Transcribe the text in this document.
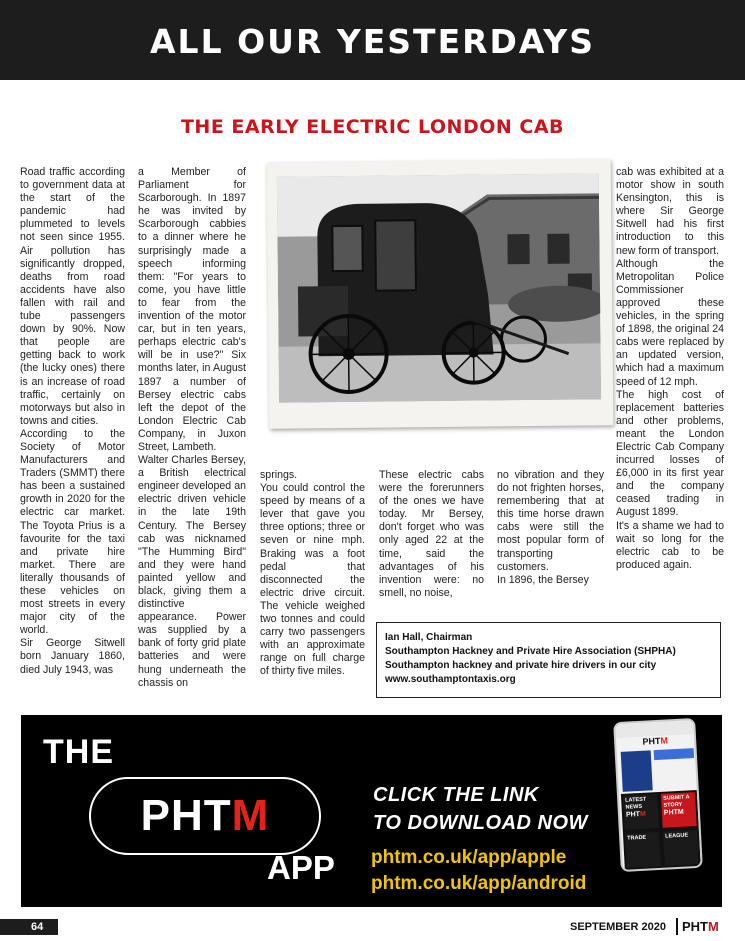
ALL OUR YESTERDAYS
THE EARLY ELECTRIC LONDON CAB

Road traffic according to government data at the start of the pandemic had plummeted to levels not seen since 1955. Air pollution has significantly dropped, deaths from road accidents have also fallen with rail and tube passengers down by 90%. Now that people are getting back to work (the lucky ones) there is an increase of road traffic, certainly on motorways but also in towns and cities.

According to the Society of Motor Manufacturers and Traders (SMMT) there has been a sustained growth in 2020 for the electric car market. The Toyota Prius is a favourite for the taxi and private hire market. There are literally thousands of these vehicles on most streets in every major city of the world.

Sir George Sitwell born January 1860, died July 1943, was

a Member of Parliament for Scarborough. In 1897 he was invited by Scarborough cabbies to a dinner where he surprisingly made a speech informing them: "For years to come, you have little to fear from the invention of the motor car, but in ten years, perhaps electric cab's will be in use?" Six months later, in August 1897 a number of Bersey electric cabs left the depot of the London Electric Cab Company, in Juxon Street, Lambeth.

Walter Charles Bersey, a British electrical engineer developed an electric driven vehicle in the late 19th Century. The Bersey cab was nicknamed "The Humming Bird" and they were hand painted yellow and black, giving them a distinctive appearance. Power was supplied by a bank of forty grid plate batteries and were hung underneath the chassis on

springs.

You could control the speed by means of a lever that gave you three options; three or seven or nine mph. Braking was a foot pedal that disconnected the electric drive circuit. The vehicle weighed two tonnes and could carry two passengers with an approximate range on full charge of thirty five miles.

These electric cabs were the forerunners of the ones we have today. Mr Bersey, don't forget who was only aged 22 at the time, said the advantages of his invention were: no smell, no noise,

no vibration and they do not frighten horses, remembering that at this time horse drawn cabs were still the most popular form of transporting customers.

In 1896, the Bersey

cab was exhibited at a motor show in south Kensington, this is where Sir George Sitwell had his first introduction to this new form of transport.

Although the Metropolitan Police Commissioner approved these vehicles, in the spring of 1898, the original 24 cabs were replaced by an updated version, which had a maximum speed of 12 mph.

The high cost of replacement batteries and other problems, meant the London Electric Cab Company incurred losses of £6,000 in its first year and the company ceased trading in August 1899.

It's a shame we had to wait so long for the electric cab to be produced again.

Ian Hall, Chairman
Southampton Hackney and Private Hire Association (SHPHA)
Southampton hackney and private hire drivers in our city
www.southamptontaxis.org
THE
PHTM
APP
CLICK THE LINK
TO DOWNLOAD NOW
phtm.co.uk/app/apple
phtm.co.uk/app/android
PHTM
LATEST NEWS
PHTM
SUBMIT A STORY
PHTM
TRADE	LEAGUE
64	SEPTEMBER 2020 PHTM
